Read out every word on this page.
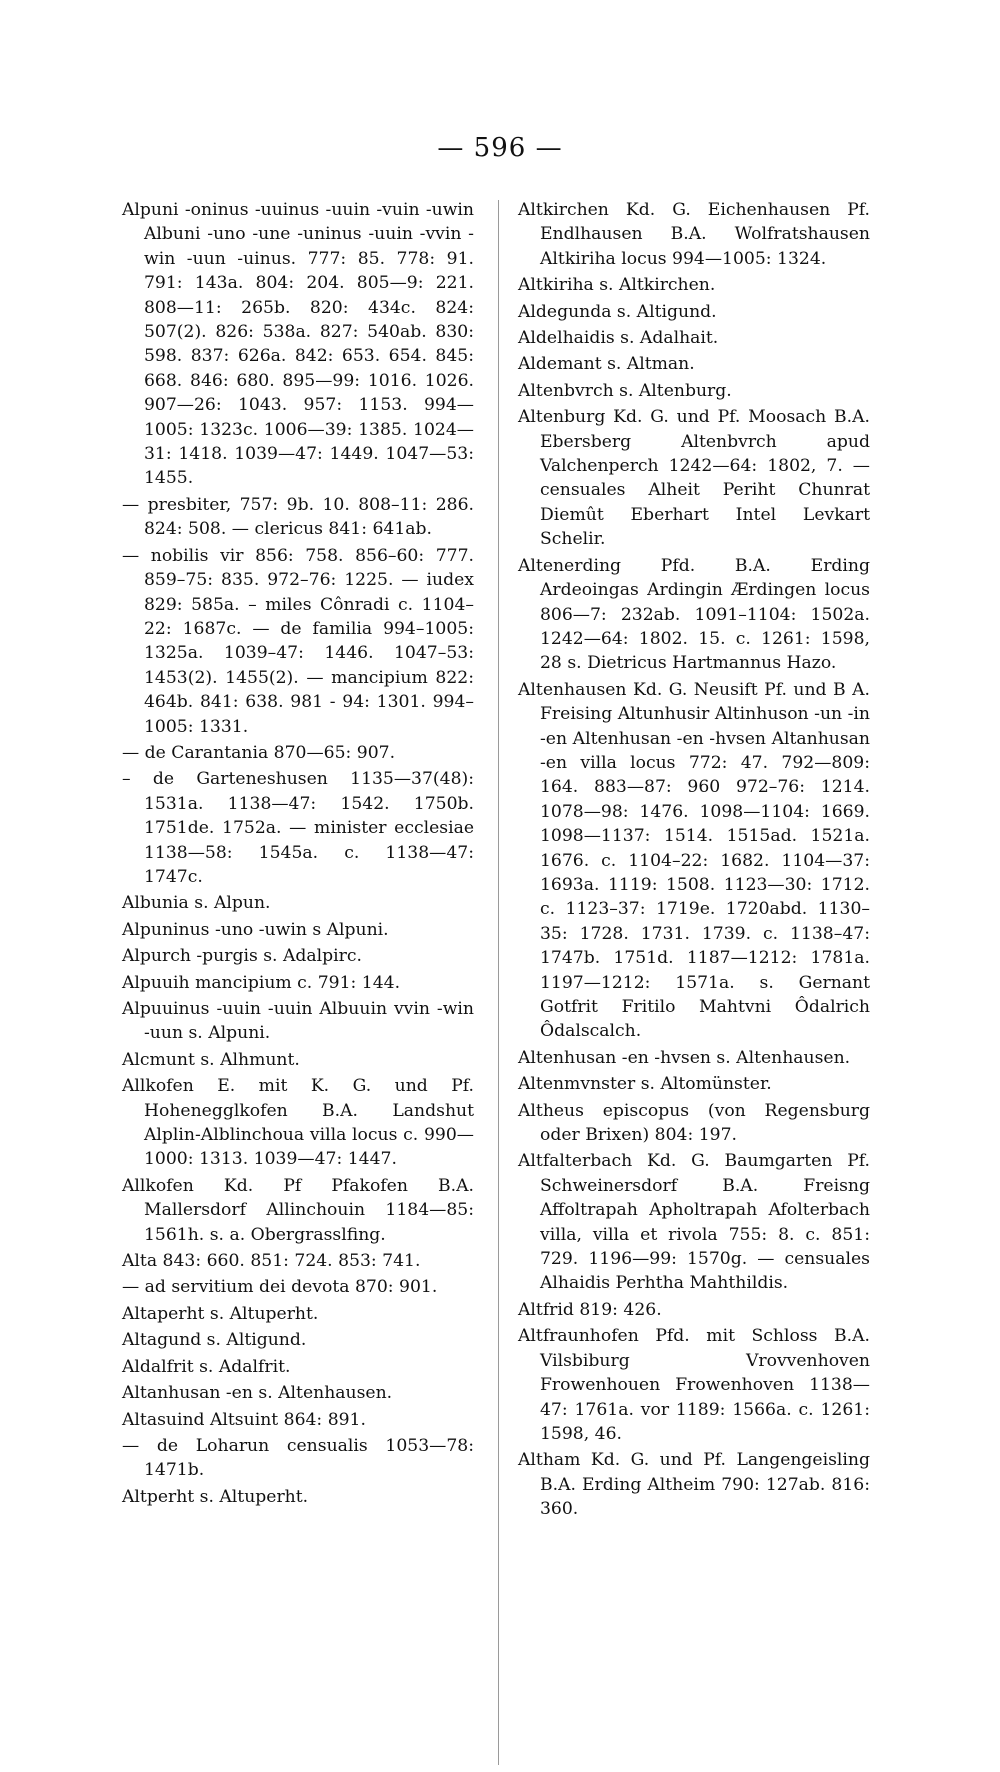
— 596 —

Alpuni -oninus -uuinus -uuin -vuin -uwin Albuni -uno -une -uninus -uuin -vvin -win -uun -uinus. 777: 85. 778: 91. 791: 143a. 804: 204. 805—9: 221. 808—11: 265b. 820: 434c. 824: 507(2). 826: 538a. 827: 540ab. 830: 598. 837: 626a. 842: 653. 654. 845: 668. 846: 680. 895—99: 1016. 1026. 907—26: 1043. 957: 1153. 994—1005: 1323c. 1006—39: 1385. 1024—31: 1418. 1039—47: 1449. 1047—53: 1455.

— presbiter, 757: 9b. 10. 808–11: 286. 824: 508. — clericus 841: 641ab.

— nobilis vir 856: 758. 856–60: 777. 859–75: 835. 972–76: 1225. — iudex 829: 585a. – miles Cônradi c. 1104–22: 1687c. — de familia 994–1005: 1325a. 1039–47: 1446. 1047–53: 1453(2). 1455(2). — mancipium 822: 464b. 841: 638. 981 - 94: 1301. 994–1005: 1331.

— de Carantania 870—65: 907.

– de Garteneshusen 1135—37(48): 1531a. 1138—47: 1542. 1750b. 1751de. 1752a. — minister ecclesiae 1138—58: 1545a. c. 1138—47: 1747c.

Albunia s. Alpun.

Alpuninus -uno -uwin s Alpuni.

Alpurch -purgis s. Adalpirc.

Alpuuih mancipium c. 791: 144.

Alpuuinus -uuin -uuin Albuuin vvin -win -uun s. Alpuni.

Alcmunt s. Alhmunt.

Allkofen E. mit K. G. und Pf. Hohenegglkofen B.A. Landshut Alplin-Alblinchoua villa locus c. 990—1000: 1313. 1039—47: 1447.

Allkofen Kd. Pf Pfakofen B.A. Mallersdorf Allinchouin 1184—85: 1561h. s. a. Obergrasslfing.

Alta 843: 660. 851: 724. 853: 741.

— ad servitium dei devota 870: 901.

Altaperht s. Altuperht.

Altagund s. Altigund.

Aldalfrit s. Adalfrit.

Altanhusan -en s. Altenhausen.

Altasuind Altsuint 864: 891.

— de Loharun censualis 1053—78: 1471b.

Altperht s. Altuperht.

Altkirchen Kd. G. Eichenhausen Pf. Endlhausen B.A. Wolfratshausen Altkiriha locus 994—1005: 1324.

Altkiriha s. Altkirchen.

Aldegunda s. Altigund.

Aldelhaidis s. Adalhait.

Aldemant s. Altman.

Altenbvrch s. Altenburg.

Altenburg Kd. G. und Pf. Moosach B.A. Ebersberg Altenbvrch apud Valchenperch 1242—64: 1802, 7. — censuales Alheit Periht Chunrat Diemût Eberhart Intel Levkart Schelir.

Altenerding Pfd. B.A. Erding Ardeoingas Ardingin Ærdingen locus 806—7: 232ab. 1091–1104: 1502a. 1242—64: 1802. 15. c. 1261: 1598, 28 s. Dietricus Hartmannus Hazo.

Altenhausen Kd. G. Neusift Pf. und B A. Freising Altunhusir Altinhuson -un -in -en Altenhusan -en -hvsen Altanhusan -en villa locus 772: 47. 792—809: 164. 883—87: 960 972–76: 1214. 1078—98: 1476. 1098—1104: 1669. 1098—1137: 1514. 1515ad. 1521a. 1676. c. 1104–22: 1682. 1104—37: 1693a. 1119: 1508. 1123—30: 1712. c. 1123–37: 1719e. 1720abd. 1130–35: 1728. 1731. 1739. c. 1138–47: 1747b. 1751d. 1187—1212: 1781a. 1197—1212: 1571a. s. Gernant Gotfrit Fritilo Mahtvni Ôdalrich Ôdalscalch.

Altenhusan -en -hvsen s. Altenhausen.

Altenmvnster s. Altomünster.

Altheus episcopus (von Regensburg oder Brixen) 804: 197.

Altfalterbach Kd. G. Baumgarten Pf. Schweinersdorf B.A. Freisng Affoltrapah Apholtrapah Afolterbach villa, villa et rivola 755: 8. c. 851: 729. 1196—99: 1570g. — censuales Alhaidis Perhtha Mahthildis.

Altfrid 819: 426.

Altfraunhofen Pfd. mit Schloss B.A. Vilsbiburg Vrovvenhoven Frowenhouen Frowenhoven 1138—47: 1761a. vor 1189: 1566a. c. 1261: 1598, 46.

Altham Kd. G. und Pf. Langengeisling B.A. Erding Altheim 790: 127ab. 816: 360.
